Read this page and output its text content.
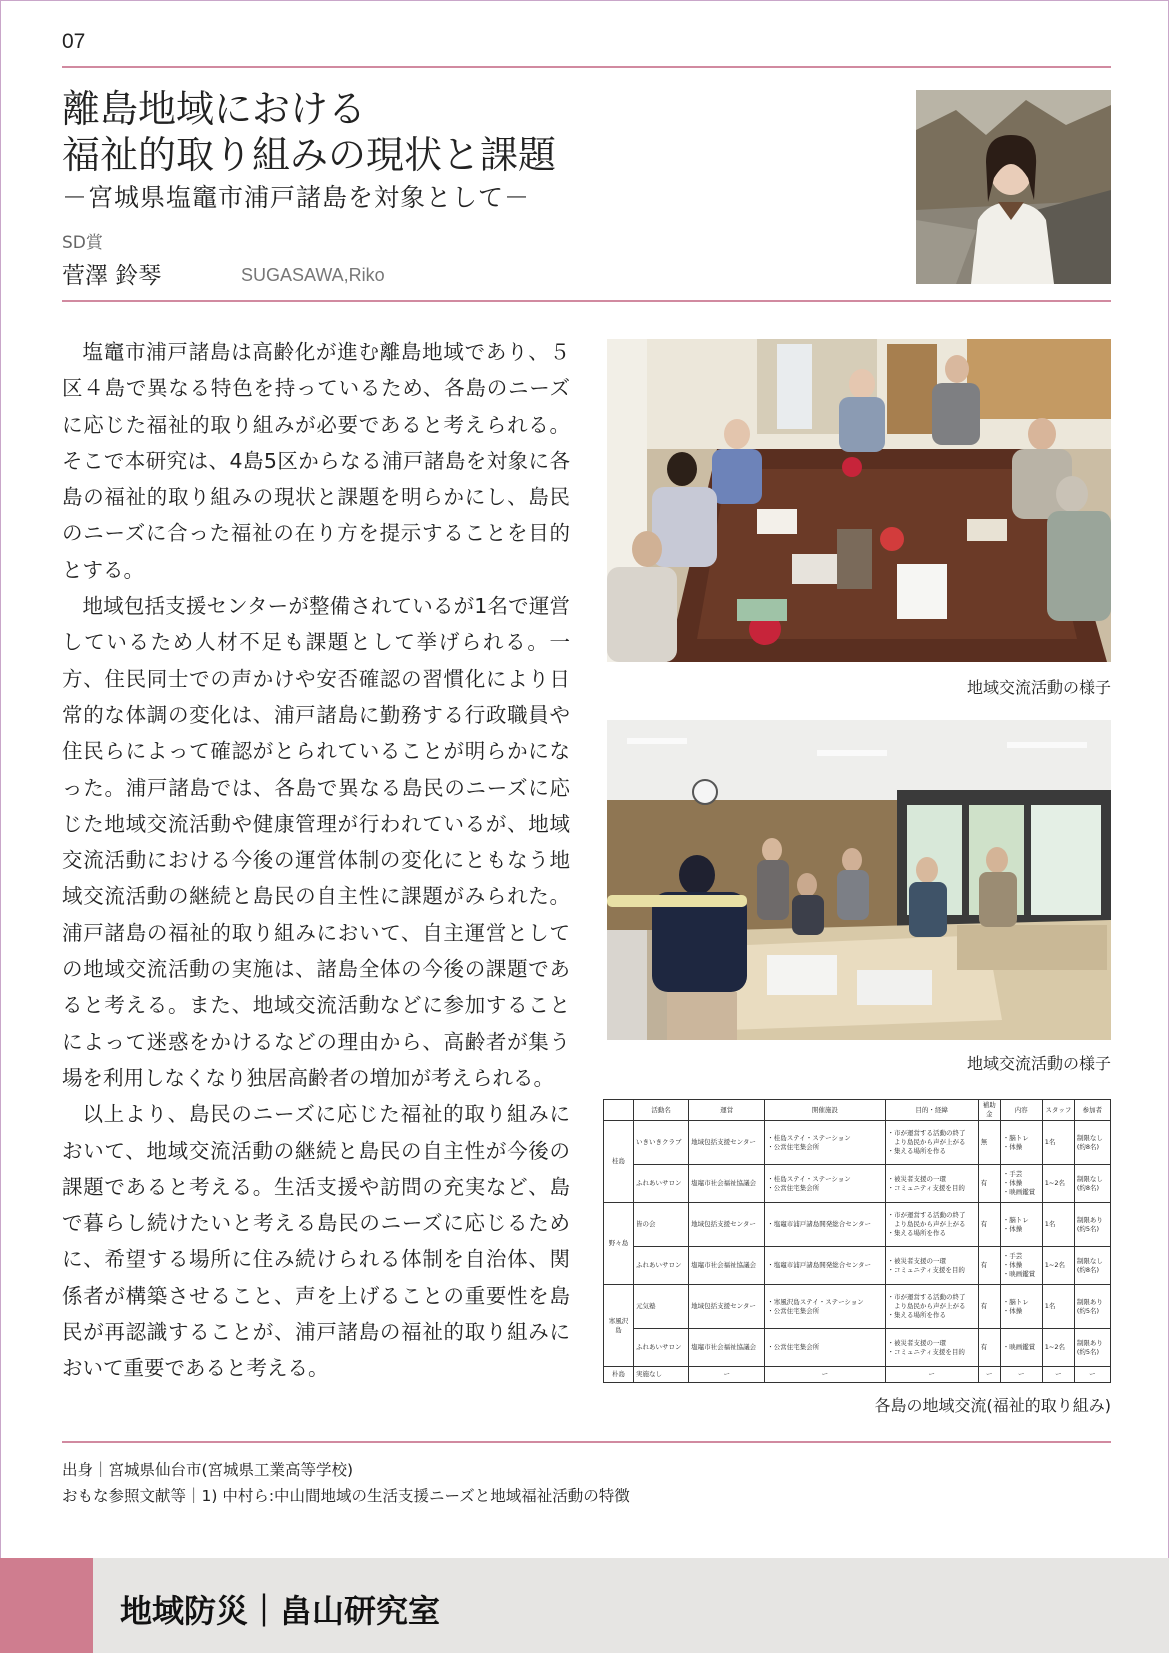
07
離島地域における
福祉的取り組みの現状と課題
－宮城県塩竈市浦戸諸島を対象として－
SD賞
菅澤 鈴琴	SUGASAWA,Riko

塩竈市浦戸諸島は高齢化が進む離島地域であり、５区４島で異なる特色を持っているため、各島のニーズに応じた福祉的取り組みが必要であると考えられる。そこで本研究は、4島5区からなる浦戸諸島を対象に各島の福祉的取り組みの現状と課題を明らかにし、島民のニーズに合った福祉の在り方を提示することを目的とする。

地域包括支援センターが整備されているが1名で運営しているため人材不足も課題として挙げられる。一方、住民同士での声かけや安否確認の習慣化により日常的な体調の変化は、浦戸諸島に勤務する行政職員や住民らによって確認がとられていることが明らかになった。浦戸諸島では、各島で異なる島民のニーズに応じた地域交流活動や健康管理が行われているが、地域交流活動における今後の運営体制の変化にともなう地域交流活動の継続と島民の自主性に課題がみられた。浦戸諸島の福祉的取り組みにおいて、自主運営としての地域交流活動の実施は、諸島全体の今後の課題であると考える。また、地域交流活動などに参加することによって迷惑をかけるなどの理由から、高齢者が集う場を利用しなくなり独居高齢者の増加が考えられる。

以上より、島民のニーズに応じた福祉的取り組みにおいて、地域交流活動の継続と島民の自主性が今後の課題であると考える。生活支援や訪問の充実など、島で暮らし続けたいと考える島民のニーズに応じるために、希望する場所に住み続けられる体制を自治体、関係者が構築させること、声を上げることの重要性を島民が再認識することが、浦戸諸島の福祉的取り組みにおいて重要であると考える。

地域交流活動の様子
地域交流活動の様子
	活動名	運営	開催施設	目的・経緯	補助金	内容	スタッフ	参加者
桂島	いきいきクラブ	地域包括支援センター	・桂島ステイ・ステーション
・公営住宅集会所	・市が運営する活動の終了
　より島民から声が上がる
・集える場所を作る	無	・脳トレ
・体操	1名	制限なし
(約8名)
	ふれあいサロン	塩竈市社会福祉協議会	・桂島ステイ・ステーション
・公営住宅集会所	・被災者支援の一環
・コミュニティ支援を目的	有	・手芸
・体操
・映画鑑賞	1~2名	制限なし
(約8名)
野々島	皆の会	地域包括支援センター	・塩竈市浦戸諸島開発総合センター	・市が運営する活動の終了
　より島民から声が上がる
・集える場所を作る	有	・脳トレ
・体操	1名	制限あり
(約5名)
	ふれあいサロン	塩竈市社会福祉協議会	・塩竈市浦戸諸島開発総合センター	・被災者支援の一環
・コミュニティ支援を目的	有	・手芸
・体操
・映画鑑賞	1~2名	制限なし
(約8名)
寒風沢島	元気塾	地域包括支援センター	・寒風沢島ステイ・ステーション
・公営住宅集会所	・市が運営する活動の終了
　より島民から声が上がる
・集える場所を作る	有	・脳トレ
・体操	1名	制限あり
(約5名)
	ふれあいサロン	塩竈市社会福祉協議会	・公営住宅集会所	・被災者支援の一環
・コミュニティ支援を目的	有	・映画鑑賞	1~2名	制限あり
(約5名)
朴島	実施なし	ー	ー	ー	ー	ー	ー	ー
各島の地域交流(福祉的取り組み)
出身｜宮城県仙台市(宮城県工業高等学校)
おもな参照文献等｜1) 中村ら:中山間地域の生活支援ニーズと地域福祉活動の特徴
地域防災｜畠山研究室
